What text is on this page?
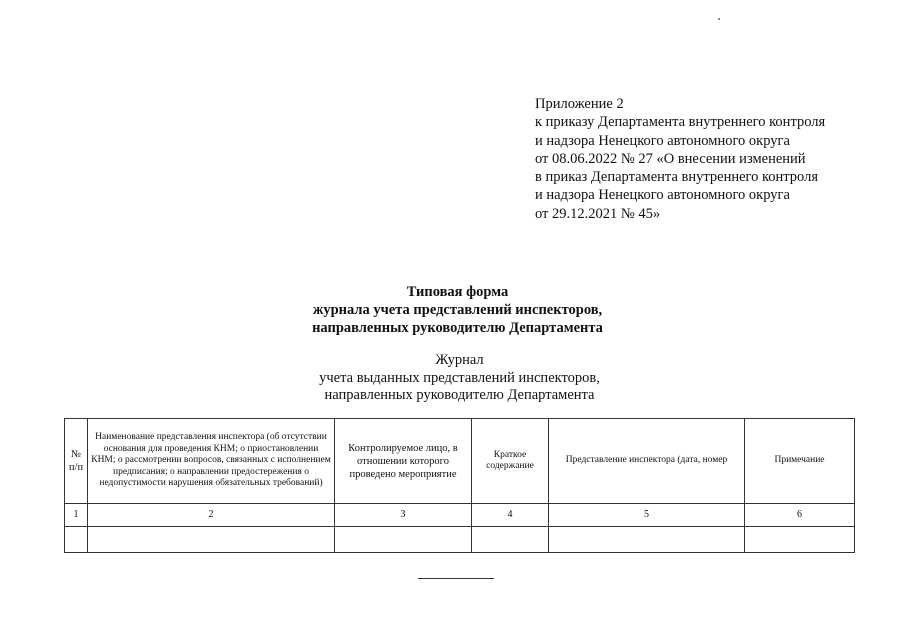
Приложение 2
к приказу Департамента внутреннего контроля
и надзора Ненецкого автономного округа
от 08.06.2022 № 27 «О внесении изменений
в приказ Департамента внутреннего контроля
и надзора Ненецкого автономного округа
от 29.12.2021 № 45»
Типовая форма
журнала учета представлений инспекторов,
направленных руководителю Департамента
Журнал
учета выданных представлений инспекторов,
направленных руководителю Департамента
№ п/п	Наименование представления инспектора (об отсутствии основания для проведения КНМ; о приостановлении КНМ; о рассмотрении вопросов, связанных с исполнением предписания; о направлении предостережения о недопустимости нарушения обязательных требований)	Контролируемое лицо, в отношении которого проведено мероприятие	Краткое содержание	Представление инспектора (дата, номер	Примечание
1	2	3	4	5	6
